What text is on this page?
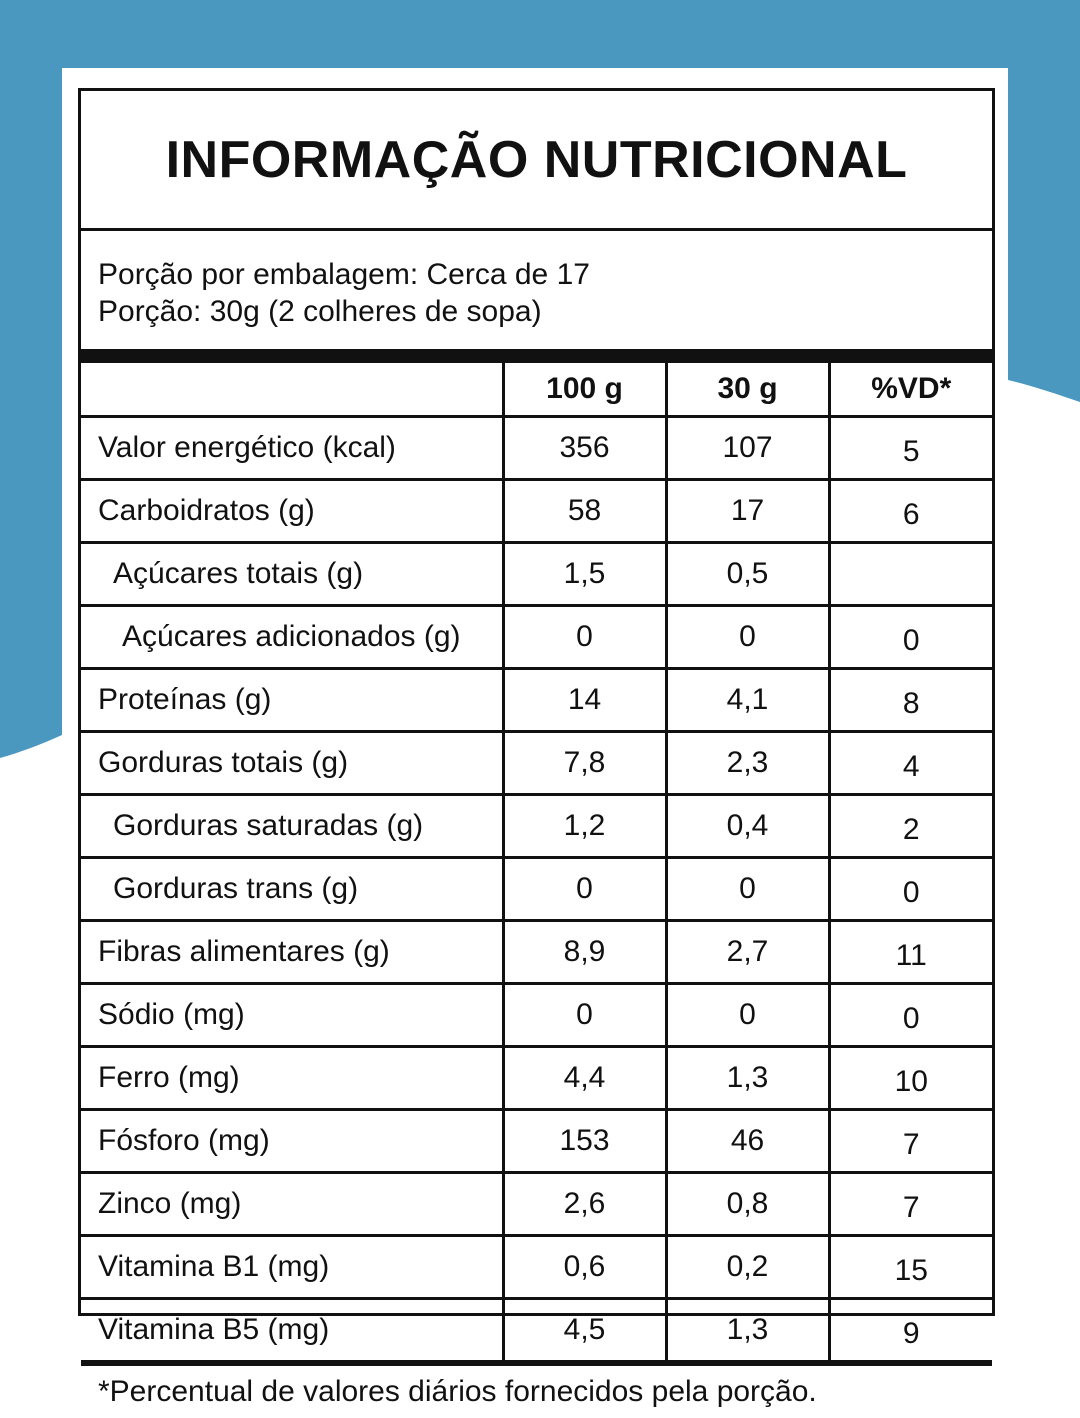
INFORMAÇÃO NUTRICIONAL
Porção por embalagem: Cerca de 17
Porção: 30g (2 colheres de sopa)
	100 g	30 g	%VD*
Valor energético (kcal)	356	107	5
Carboidratos (g)	58	17	6
Açúcares totais (g)	1,5	0,5	
Açúcares adicionados (g)	0	0	0
Proteínas (g)	14	4,1	8
Gorduras totais (g)	7,8	2,3	4
Gorduras saturadas (g)	1,2	0,4	2
Gorduras trans (g)	0	0	0
Fibras alimentares (g)	8,9	2,7	11
Sódio (mg)	0	0	0
Ferro (mg)	4,4	1,3	10
Fósforo (mg)	153	46	7
Zinco (mg)	2,6	0,8	7
Vitamina B1 (mg)	0,6	0,2	15
Vitamina B5 (mg)	4,5	1,3	9
*Percentual de valores diários fornecidos pela porção.
